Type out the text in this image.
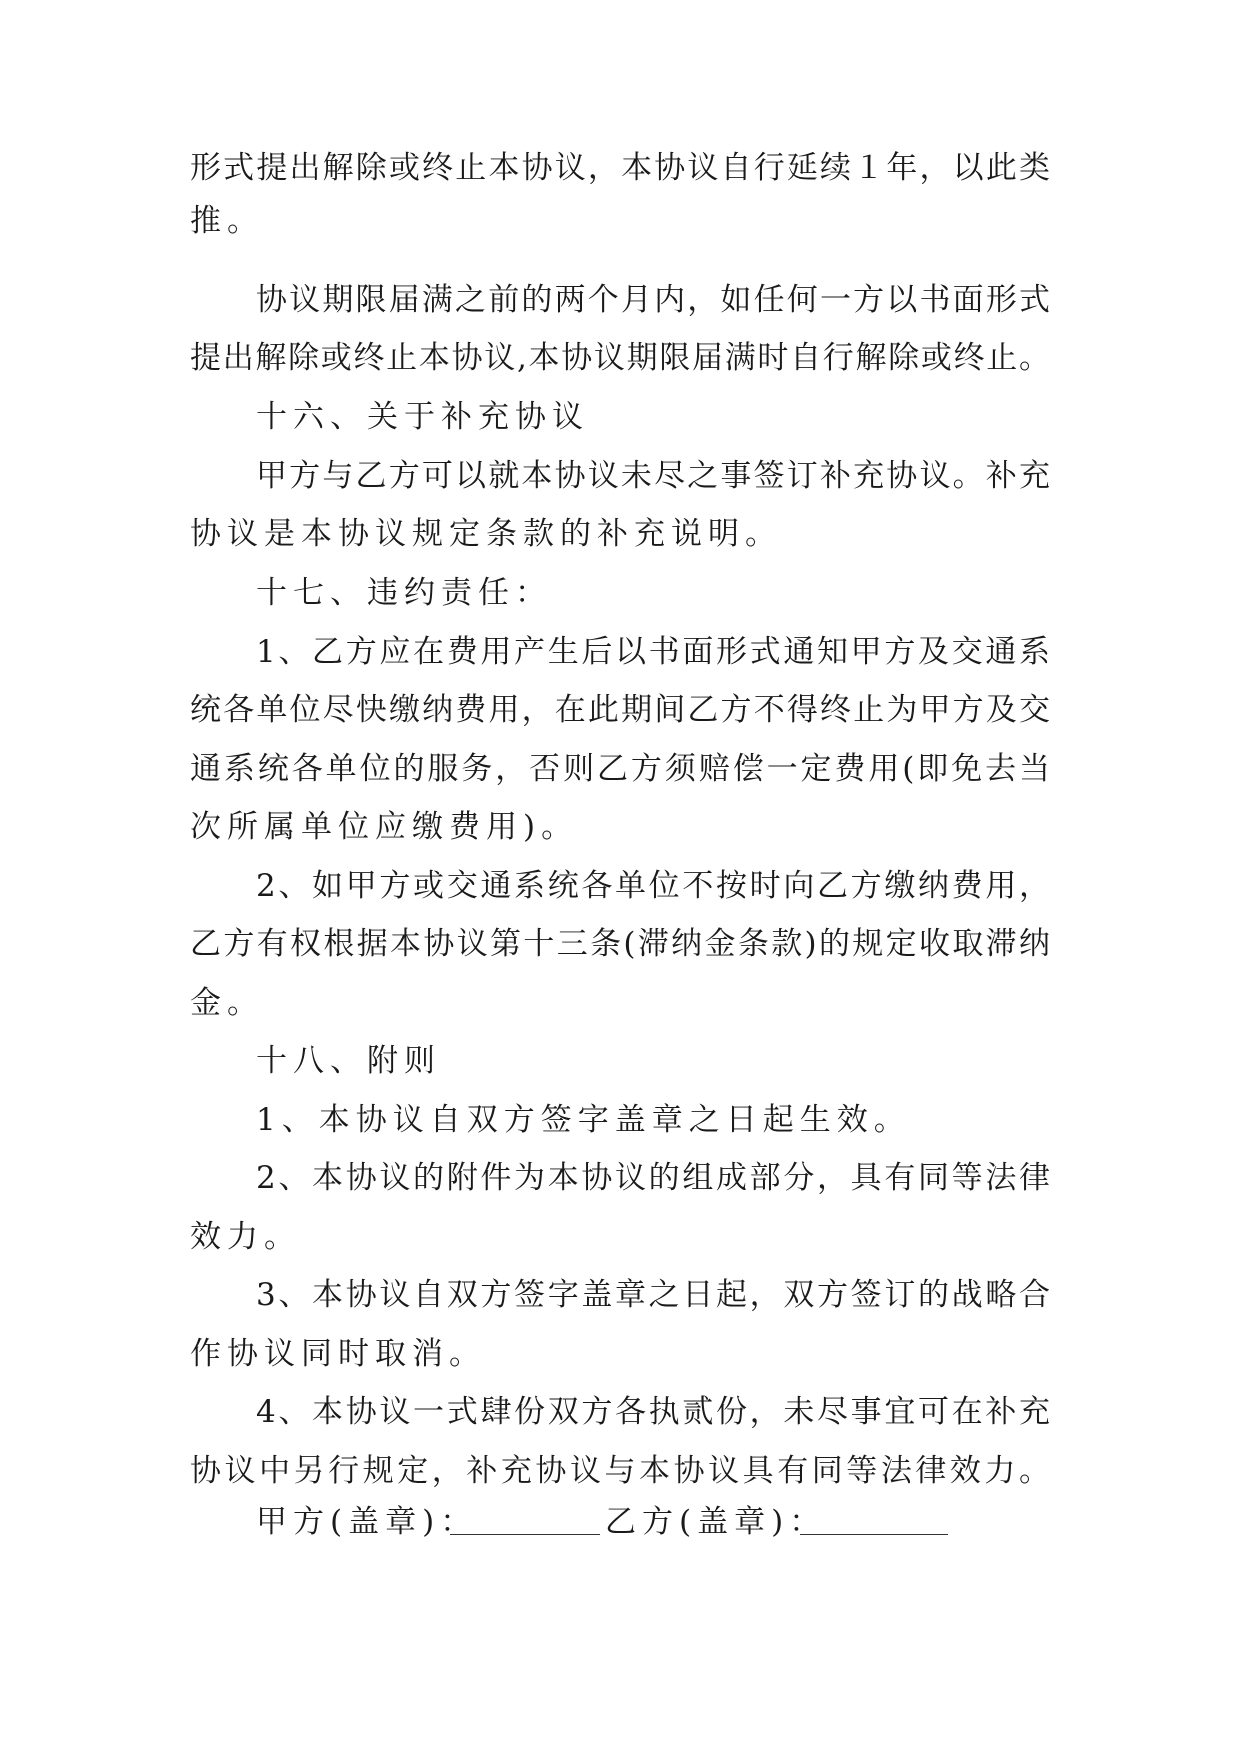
形式提出解除或终止本协议，本协议自行延续１年，以此类
推。
协议期限届满之前的两个月内，如任何一方以书面形式
提出解除或终止本协议,本协议期限届满时自行解除或终止。
十六、关于补充协议
甲方与乙方可以就本协议未尽之事签订补充协议。补充
协议是本协议规定条款的补充说明。
十七、违约责任：
1、乙方应在费用产生后以书面形式通知甲方及交通系
统各单位尽快缴纳费用，在此期间乙方不得终止为甲方及交
通系统各单位的服务，否则乙方须赔偿一定费用(即免去当
次所属单位应缴费用)。
2、如甲方或交通系统各单位不按时向乙方缴纳费用，
乙方有权根据本协议第十三条(滞纳金条款)的规定收取滞纳
金。
十八、附则
1、本协议自双方签字盖章之日起生效。
2、本协议的附件为本协议的组成部分，具有同等法律
效力。
3、本协议自双方签字盖章之日起，双方签订的战略合
作协议同时取消。
4、本协议一式肆份双方各执贰份，未尽事宜可在补充
协议中另行规定，补充协议与本协议具有同等法律效力。
甲方(盖章)：	乙方(盖章)：
